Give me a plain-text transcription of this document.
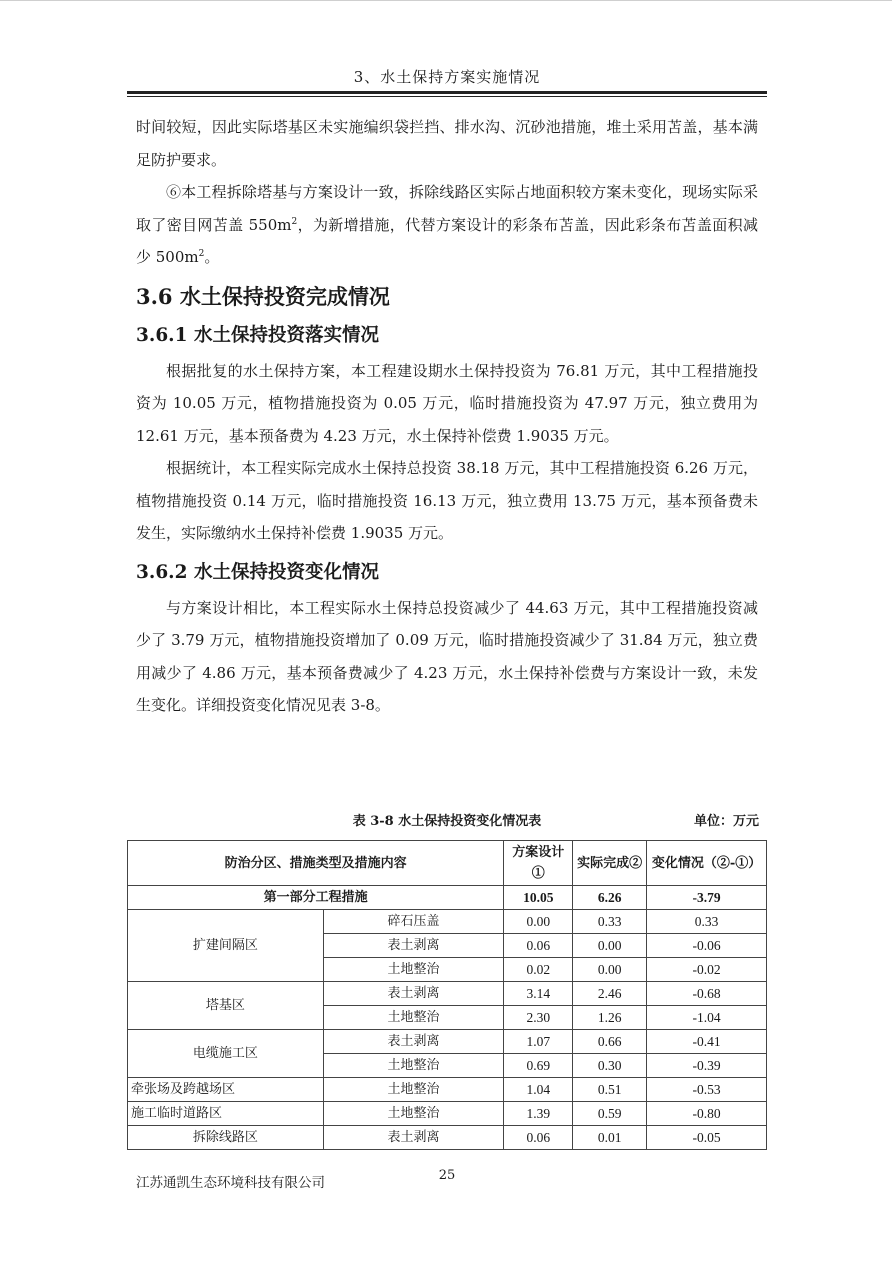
3、水土保持方案实施情况

时间较短，因此实际塔基区未实施编织袋拦挡、排水沟、沉砂池措施，堆土采用苫盖，基本满足防护要求。

⑥本工程拆除塔基与方案设计一致，拆除线路区实际占地面积较方案未变化，现场实际采取了密目网苫盖 $550m^2$，为新增措施，代替方案设计的彩条布苫盖，因此彩条布苫盖面积减少 $500m^2$。

3.6 水土保持投资完成情况
3.6.1 水土保持投资落实情况

根据批复的水土保持方案，本工程建设期水土保持投资为 76.81 万元，其中工程措施投资为 10.05 万元，植物措施投资为 0.05 万元，临时措施投资为 47.97 万元，独立费用为 12.61 万元，基本预备费为 4.23 万元，水土保持补偿费 1.9035 万元。

根据统计，本工程实际完成水土保持总投资 38.18 万元，其中工程措施投资 6.26 万元，植物措施投资 0.14 万元，临时措施投资 16.13 万元，独立费用 13.75 万元，基本预备费未发生，实际缴纳水土保持补偿费 1.9035 万元。

3.6.2 水土保持投资变化情况

与方案设计相比，本工程实际水土保持总投资减少了 44.63 万元，其中工程措施投资减少了 3.79 万元，植物措施投资增加了 0.09 万元，临时措施投资减少了 31.84 万元，独立费用减少了 4.86 万元，基本预备费减少了 4.23 万元，水土保持补偿费与方案设计一致，未发生变化。详细投资变化情况见表 3-8。

表 3-8 水土保持投资变化情况表	单位：万元
防治分区、措施类型及措施内容		方案设计①	实际完成②	变化情况（②-①）
第一部分工程措施		10.05	6.26	-3.79
扩建间隔区	碎石压盖	0.00	0.33	0.33
	表土剥离	0.06	0.00	-0.06
	土地整治	0.02	0.00	-0.02
塔基区	表土剥离	3.14	2.46	-0.68
	土地整治	2.30	1.26	-1.04
电缆施工区	表土剥离	1.07	0.66	-0.41
	土地整治	0.69	0.30	-0.39
牵张场及跨越场区	土地整治	1.04	0.51	-0.53
施工临时道路区	土地整治	1.39	0.59	-0.80
拆除线路区	表土剥离	0.06	0.01	-0.05
江苏通凯生态环境科技有限公司	25
